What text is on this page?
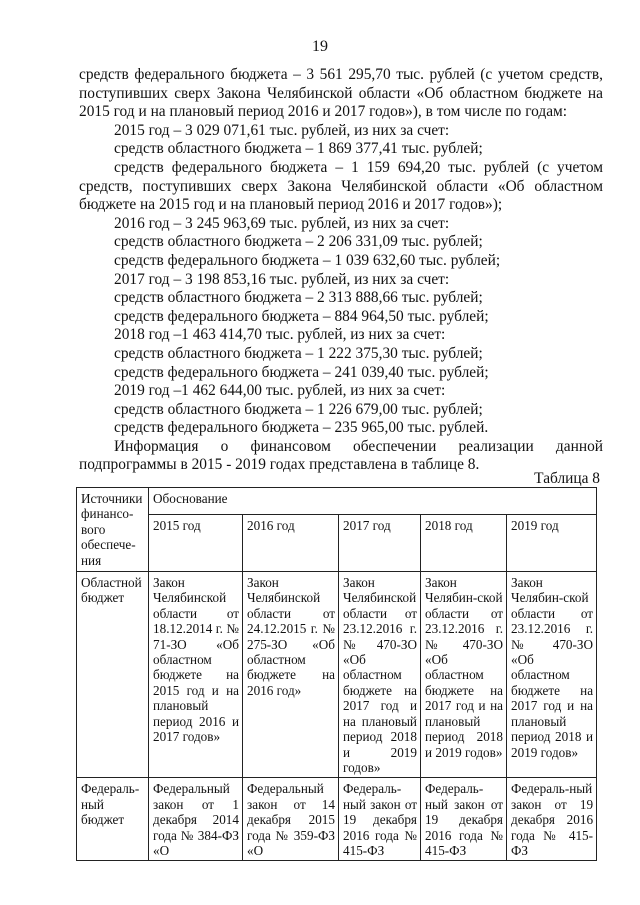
19

средств федерального бюджета – 3 561 295,70 тыс. рублей (с учетом средств, поступивших сверх Закона Челябинской области «Об областном бюджете на 2015 год и на плановый период 2016 и 2017 годов»), в том числе по годам:

2015 год – 3 029 071,61 тыс. рублей, из них за счет:

средств областного бюджета – 1 869 377,41 тыс. рублей;

средств федерального бюджета – 1 159 694,20 тыс. рублей (с учетом средств, поступивших сверх Закона Челябинской области «Об областном бюджете на 2015 год и на плановый период 2016 и 2017 годов»);

2016 год – 3 245 963,69 тыс. рублей, из них за счет:

средств областного бюджета – 2 206 331,09 тыс. рублей;

средств федерального бюджета – 1 039 632,60 тыс. рублей;

2017 год – 3 198 853,16 тыс. рублей, из них за счет:

средств областного бюджета – 2 313 888,66 тыс. рублей;

средств федерального бюджета – 884 964,50 тыс. рублей;

2018 год –1 463 414,70 тыс. рублей, из них за счет:

средств областного бюджета – 1 222 375,30 тыс. рублей;

средств федерального бюджета – 241 039,40 тыс. рублей;

2019 год –1 462 644,00 тыс. рублей, из них за счет:

средств областного бюджета – 1 226 679,00 тыс. рублей;

средств федерального бюджета – 235 965,00 тыс. рублей.

Информация о финансовом обеспечении реализации данной подпрограммы в 2015 - 2019 годах представлена в таблице 8.

Таблица 8
Источники финансо-вого обеспече-ния	Обоснование				

	2015 год	2016 год	2017 год	2018 год	2019 год

Областной бюджет	Закон Челябинской области от 18.12.2014 г. № 71-ЗО «Об областном бюджете на 2015 год и на плановый период 2016 и 2017 годов»	Закон Челябинской области от 24.12.2015 г. № 275-ЗО «Об областном бюджете на 2016 год»	Закон Челябинской области от 23.12.2016 г. № 470-ЗО «Об областном бюджете на 2017 год и на плановый период 2018 и 2019 годов»	Закон Челябин-ской области от 23.12.2016 г. № 470-ЗО «Об областном бюджете на 2017 год и на плановый период 2018 и 2019 годов»	Закон Челябин-ской области от 23.12.2016 г. № 470-ЗО «Об областном бюджете на 2017 год и на плановый период 2018 и 2019 годов»

Федераль-ный бюджет	Федеральный закон от 1 декабря 2014 года № 384-ФЗ «О	Федеральный закон от 14 декабря 2015 года № 359-ФЗ «О	Федераль-ный закон от 19 декабря 2016 года № 415-ФЗ	Федераль-ный закон от 19 декабря 2016 года № 415-ФЗ	Федераль-ный закон от 19 декабря 2016 года № 415-ФЗ
